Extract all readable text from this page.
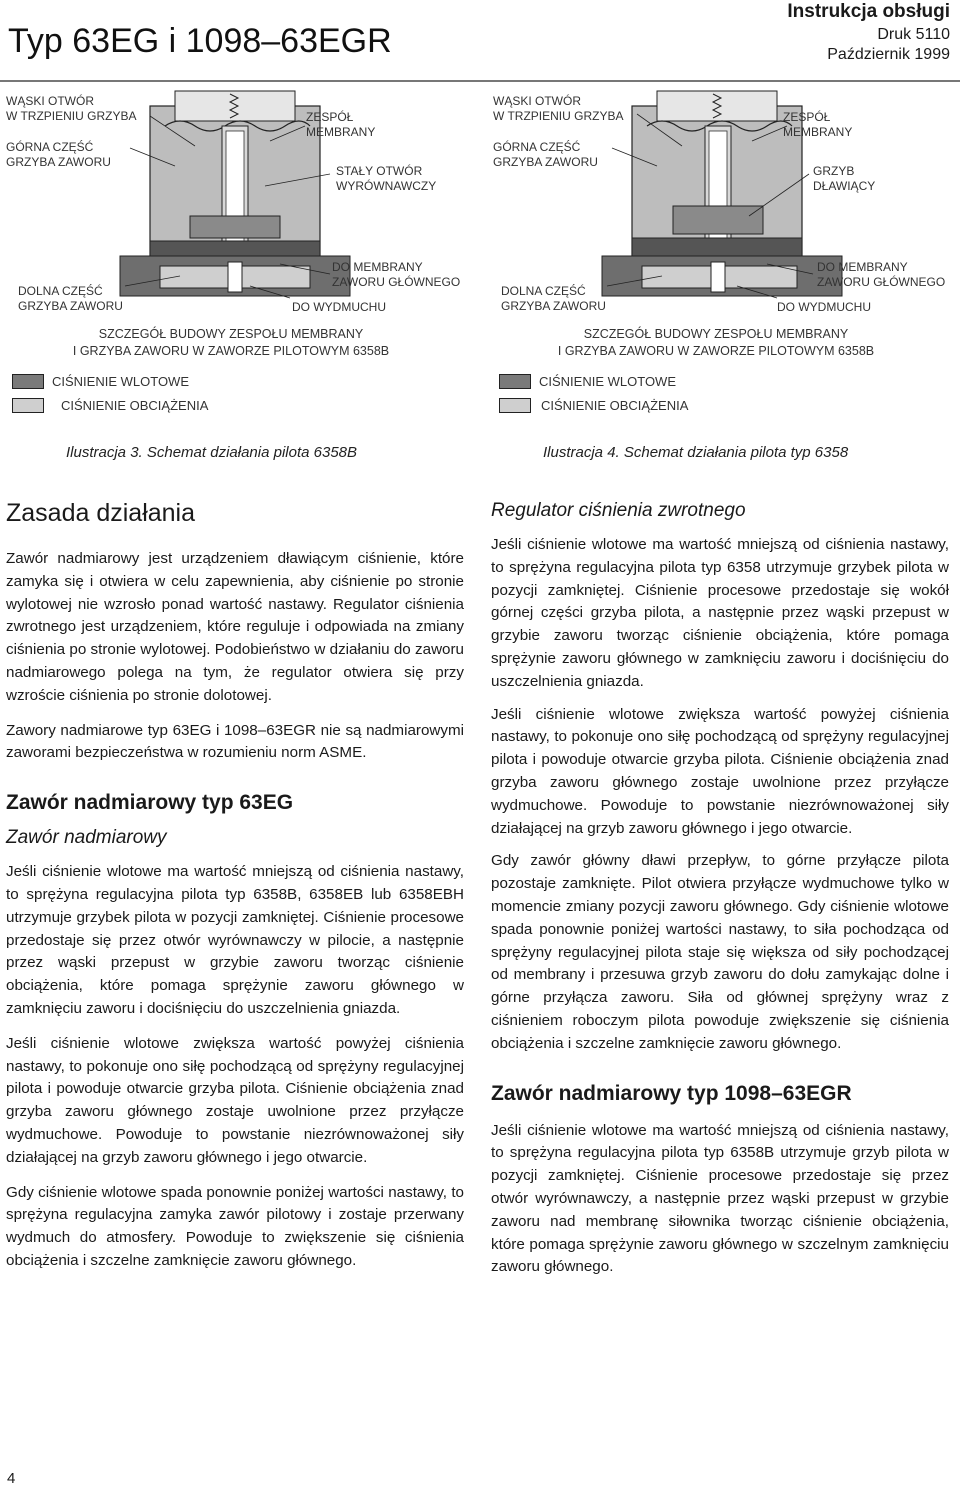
Typ 63EG i 1098–63EGR
Instrukcja obsługi
Druk 5110
Październik 1999
WĄSKI OTWÓR
W TRZPIENIU GRZYBA
GÓRNA CZĘŚĆ
GRZYBA ZAWORU
ZESPÓŁ
MEMBRANY
STAŁY OTWÓR
WYRÓWNAWCZY
DOLNA CZĘŚĆ
GRZYBA ZAWORU
DO MEMBRANY
ZAWORU GŁÓWNEGO
DO WYDMUCHU
SZCZEGÓŁ BUDOWY ZESPOŁU MEMBRANY
I GRZYBA ZAWORU W ZAWORZE PILOTOWYM 6358B
CIŚNIENIE WLOTOWE
CIŚNIENIE OBCIĄŻENIA
Ilustracja 3. Schemat działania pilota 6358B
WĄSKI OTWÓR
W TRZPIENIU GRZYBA
GÓRNA CZĘŚĆ
GRZYBA ZAWORU
ZESPÓŁ
MEMBRANY
GRZYB
DŁAWIĄCY
DOLNA CZĘŚĆ
GRZYBA ZAWORU
DO MEMBRANY
ZAWORU GŁÓWNEGO
DO WYDMUCHU
SZCZEGÓŁ BUDOWY ZESPOŁU MEMBRANY
I GRZYBA ZAWORU W ZAWORZE PILOTOWYM 6358B
CIŚNIENIE WLOTOWE
CIŚNIENIE OBCIĄŻENIA
Ilustracja 4. Schemat działania pilota typ 6358
Zasada działania

Zawór nadmiarowy jest urządzeniem dławiącym ciśnienie, które zamyka się i otwiera w celu zapewnienia, aby ciśnienie po stronie wylotowej nie wzrosło ponad wartość nastawy. Regulator ciśnienia zwrotnego jest urządzeniem, które reguluje i odpowiada na zmiany ciśnienia po stronie wylotowej. Podobieństwo w działaniu do zaworu nadmiarowego polega na tym, że regulator otwiera się przy wzroście ciśnienia po stronie dolotowej.

Zawory nadmiarowe typ 63EG i 1098–63EGR nie są nadmiarowymi zaworami bezpieczeństwa w rozumieniu norm ASME.

Zawór nadmiarowy typ 63EG
Zawór nadmiarowy

Jeśli ciśnienie wlotowe ma wartość mniejszą od ciśnienia nastawy, to sprężyna regulacyjna pilota typ 6358B, 6358EB lub 6358EBH utrzymuje grzybek pilota w pozycji zamkniętej. Ciśnienie procesowe przedostaje się przez otwór wyrównawczy w pilocie, a następnie przez wąski przepust w grzybie zaworu tworząc ciśnienie obciążenia, które pomaga sprężynie zaworu głównego w zamknięciu zaworu i dociśnięciu do uszczelnienia gniazda.

Jeśli ciśnienie wlotowe zwiększa wartość powyżej ciśnienia nastawy, to pokonuje ono siłę pochodzącą od sprężyny regulacyjnej pilota i powoduje otwarcie grzyba pilota. Ciśnienie obciążenia znad grzyba zaworu głównego zostaje uwolnione przez przyłącze wydmuchowe. Powoduje to powstanie niezrównoważonej siły działającej na grzyb zaworu głównego i jego otwarcie.

Gdy ciśnienie wlotowe spada ponownie poniżej wartości nastawy, to sprężyna regulacyjna zamyka zawór pilotowy i zostaje przerwany wydmuch do atmosfery. Powoduje to zwiększenie się ciśnienia obciążenia i szczelne zamknięcie zaworu głównego.

Regulator ciśnienia zwrotnego

Jeśli ciśnienie wlotowe ma wartość mniejszą od ciśnienia nastawy, to sprężyna regulacyjna pilota typ 6358 utrzymuje grzybek pilota w pozycji zamkniętej. Ciśnienie procesowe przedostaje się wokół górnej części grzyba pilota, a następnie przez wąski przepust w grzybie zaworu tworząc ciśnienie obciążenia, które pomaga sprężynie zaworu głównego w zamknięciu zaworu i dociśnięciu do uszczelnienia gniazda.

Jeśli ciśnienie wlotowe zwiększa wartość powyżej ciśnienia nastawy, to pokonuje ono siłę pochodzącą od sprężyny regulacyjnej pilota i powoduje otwarcie grzyba pilota. Ciśnienie obciążenia znad grzyba zaworu głównego zostaje uwolnione przez przyłącze wydmuchowe. Powoduje to powstanie niezrównoważonej siły działającej na grzyb zaworu głównego i jego otwarcie.

Gdy zawór główny dławi przepływ, to górne przyłącze pilota pozostaje zamknięte. Pilot otwiera przyłącze wydmuchowe tylko w momencie zmiany pozycji zaworu głównego. Gdy ciśnienie wlotowe spada ponownie poniżej wartości nastawy, to siła pochodząca od sprężyny regulacyjnej pilota staje się większa od siły pochodzącej od membrany i przesuwa grzyb zaworu do dołu zamykając dolne i górne przyłącza zaworu. Siła od głównej sprężyny wraz z ciśnieniem roboczym pilota powoduje zwiększenie się ciśnienia obciążenia i szczelne zamknięcie zaworu głównego.

Zawór nadmiarowy typ 1098–63EGR

Jeśli ciśnienie wlotowe ma wartość mniejszą od ciśnienia nastawy, to sprężyna regulacyjna pilota typ 6358B utrzymuje grzyb pilota w pozycji zamkniętej. Ciśnienie procesowe przedostaje się przez otwór wyrównawczy, a następnie przez wąski przepust w grzybie zaworu nad membranę siłownika tworząc ciśnienie obciążenia, które pomaga sprężynie zaworu głównego w szczelnym zamknięciu zaworu głównego.

4
